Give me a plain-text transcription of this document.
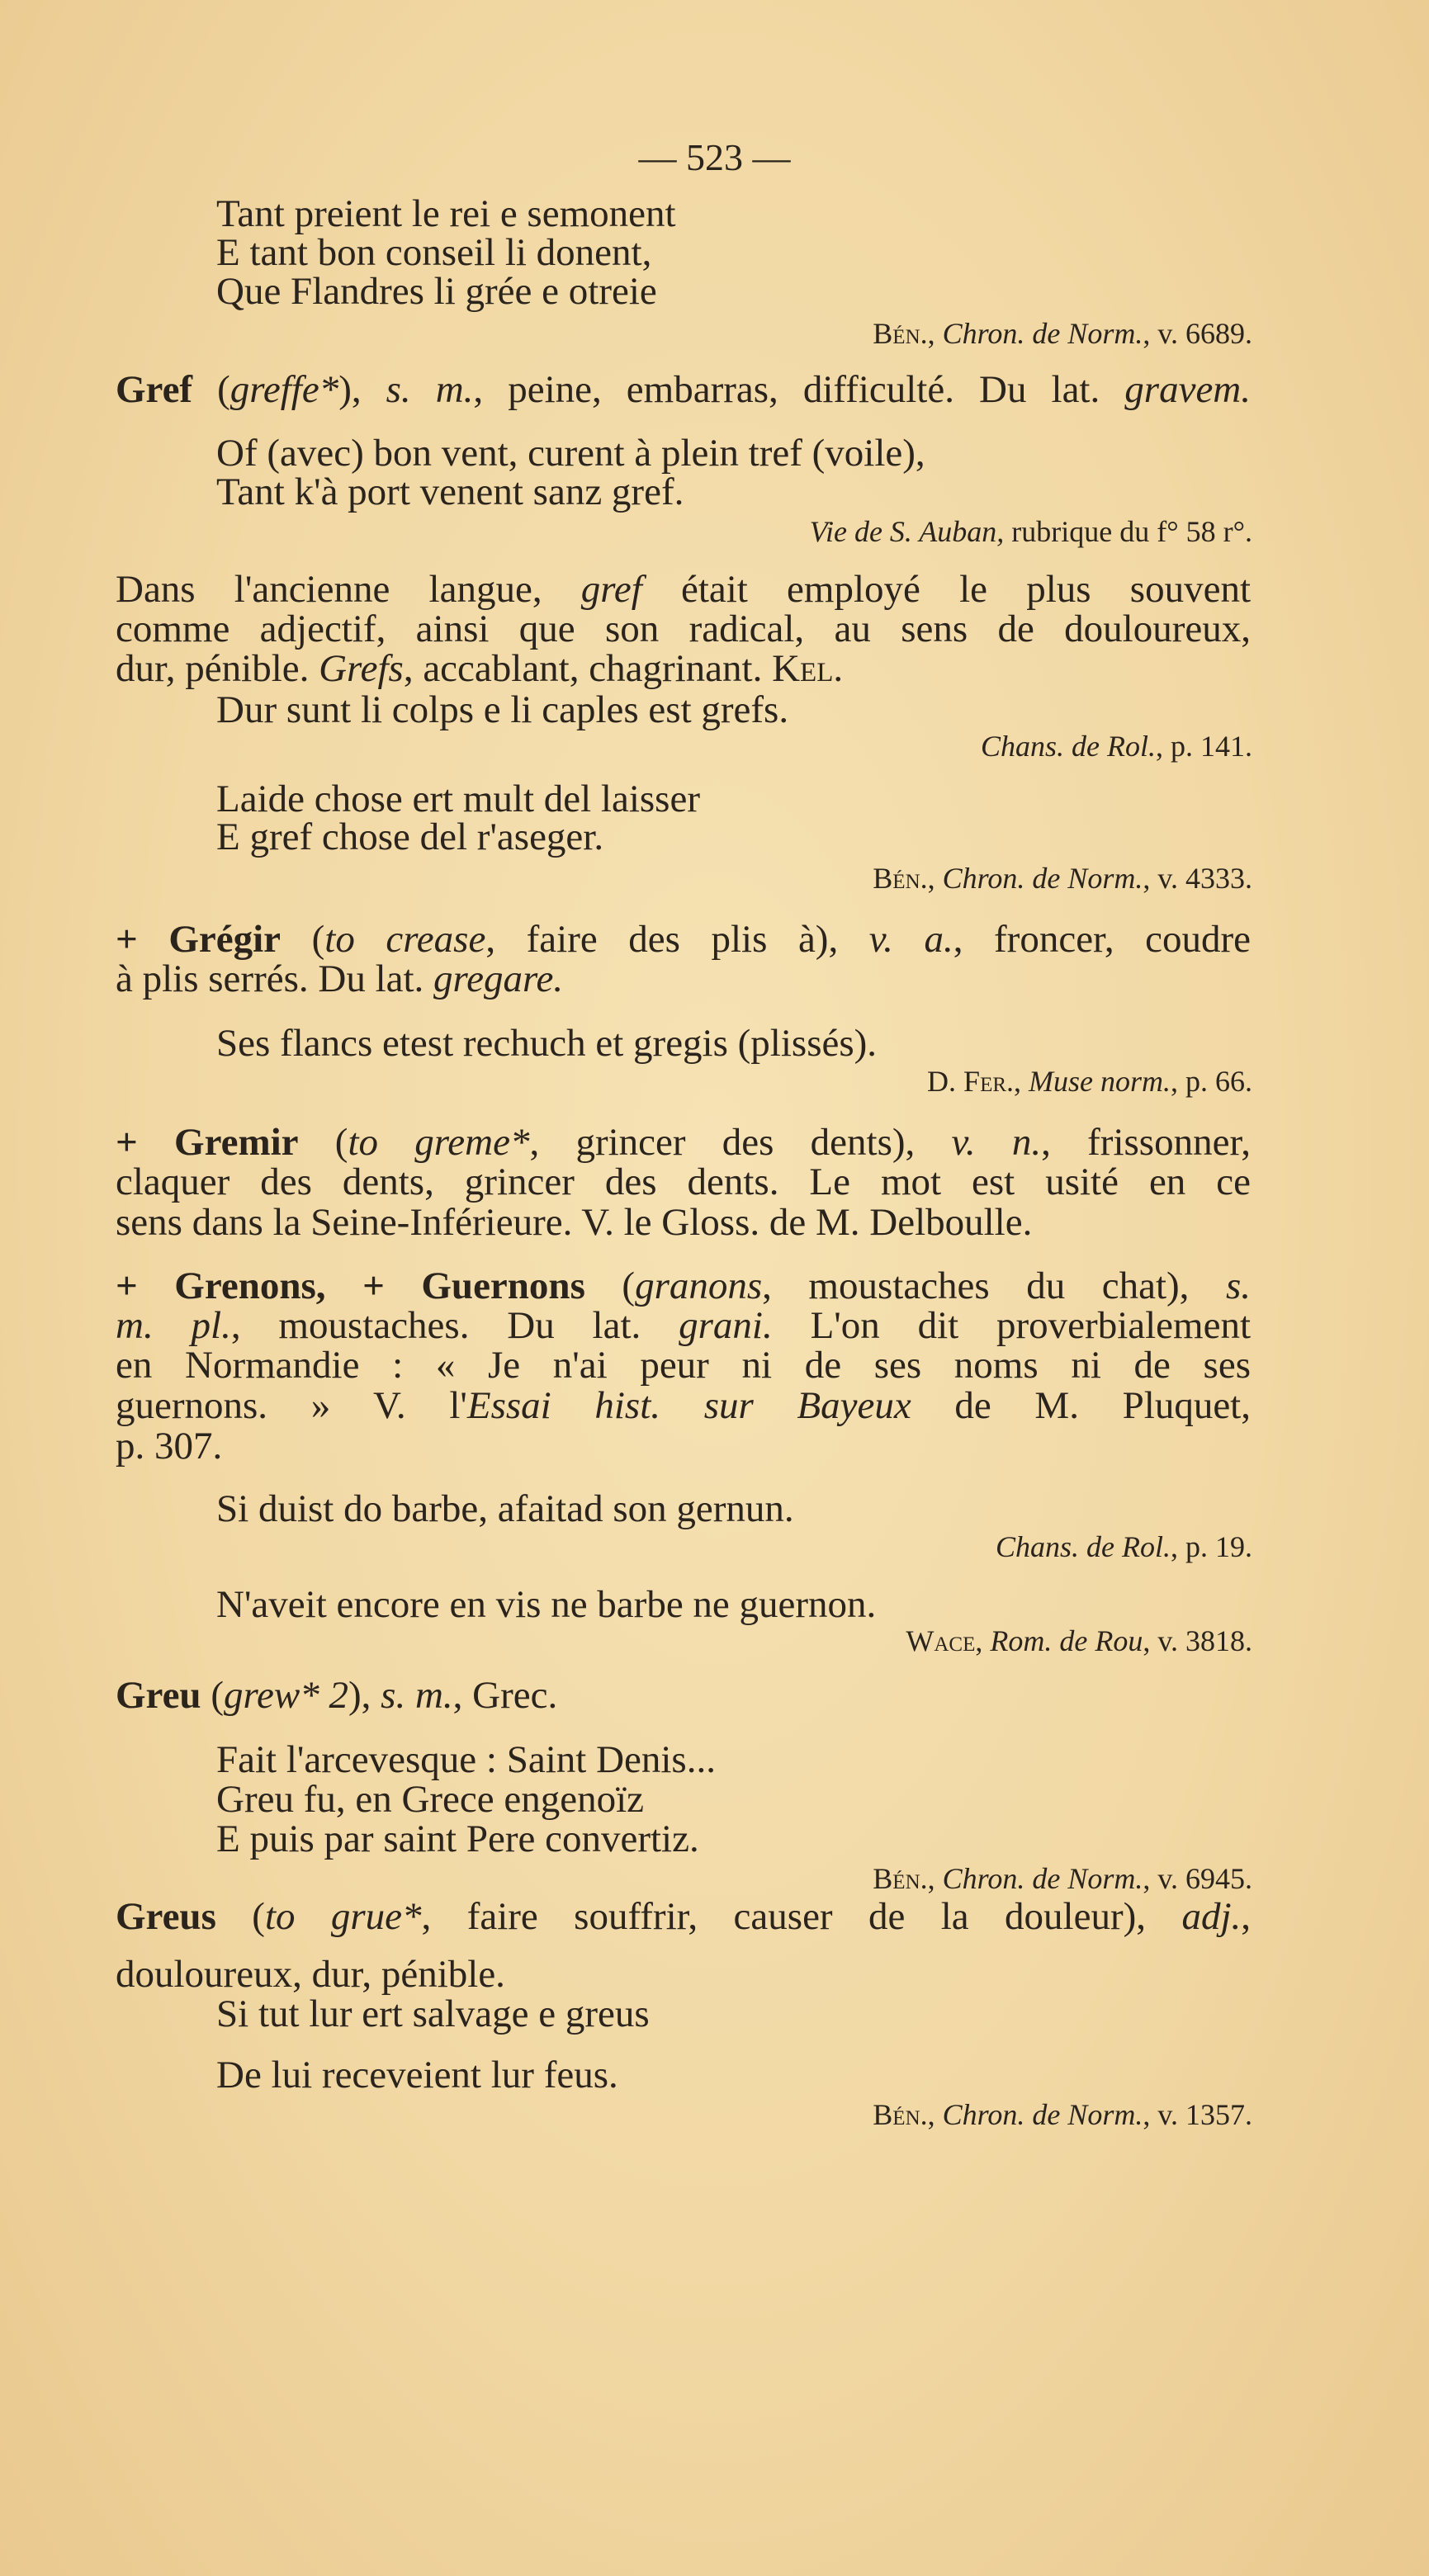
— 523 —
Tant preient le rei e semonent
E tant bon conseil li donent,
Que Flandres li grée e otreie
Bén., Chron. de Norm., v. 6689.
Gref (greffe*), s. m., peine, embarras, difficulté. Du lat. gravem.
Of (avec) bon vent, curent à plein tref (voile),
Tant k'à port venent sanz gref.
Vie de S. Auban, rubrique du f° 58 r°.
Dans l'ancienne langue, gref était employé le plus souvent
comme adjectif, ainsi que son radical, au sens de douloureux,
dur, pénible. Grefs, accablant, chagrinant. Kel.
Dur sunt li colps e li caples est grefs.
Chans. de Rol., p. 141.
Laide chose ert mult del laisser
E gref chose del r'aseger.
Bén., Chron. de Norm., v. 4333.
+ Grégir (to crease, faire des plis à), v. a., froncer, coudre
à plis serrés. Du lat. gregare.
Ses flancs etest rechuch et gregis (plissés).
D. Fer., Muse norm., p. 66.
+ Gremir (to greme*, grincer des dents), v. n., frissonner,
claquer des dents, grincer des dents. Le mot est usité en ce
sens dans la Seine-Inférieure. V. le Gloss. de M. Delboulle.
+ Grenons, + Guernons (granons, moustaches du chat), s.
m. pl., moustaches. Du lat. grani. L'on dit proverbialement
en Normandie : « Je n'ai peur ni de ses noms ni de ses
guernons. » V. l'Essai hist. sur Bayeux de M. Pluquet,
p. 307.
Si duist do barbe, afaitad son gernun.
Chans. de Rol., p. 19.
N'aveit encore en vis ne barbe ne guernon.
Wace, Rom. de Rou, v. 3818.
Greu (grew* 2), s. m., Grec.
Fait l'arcevesque : Saint Denis...
Greu fu, en Grece engenoïz
E puis par saint Pere convertiz.
Bén., Chron. de Norm., v. 6945.
Greus (to grue*, faire souffrir, causer de la douleur), adj.,
douloureux, dur, pénible.
Si tut lur ert salvage e greus
De lui receveient lur feus.
Bén., Chron. de Norm., v. 1357.
